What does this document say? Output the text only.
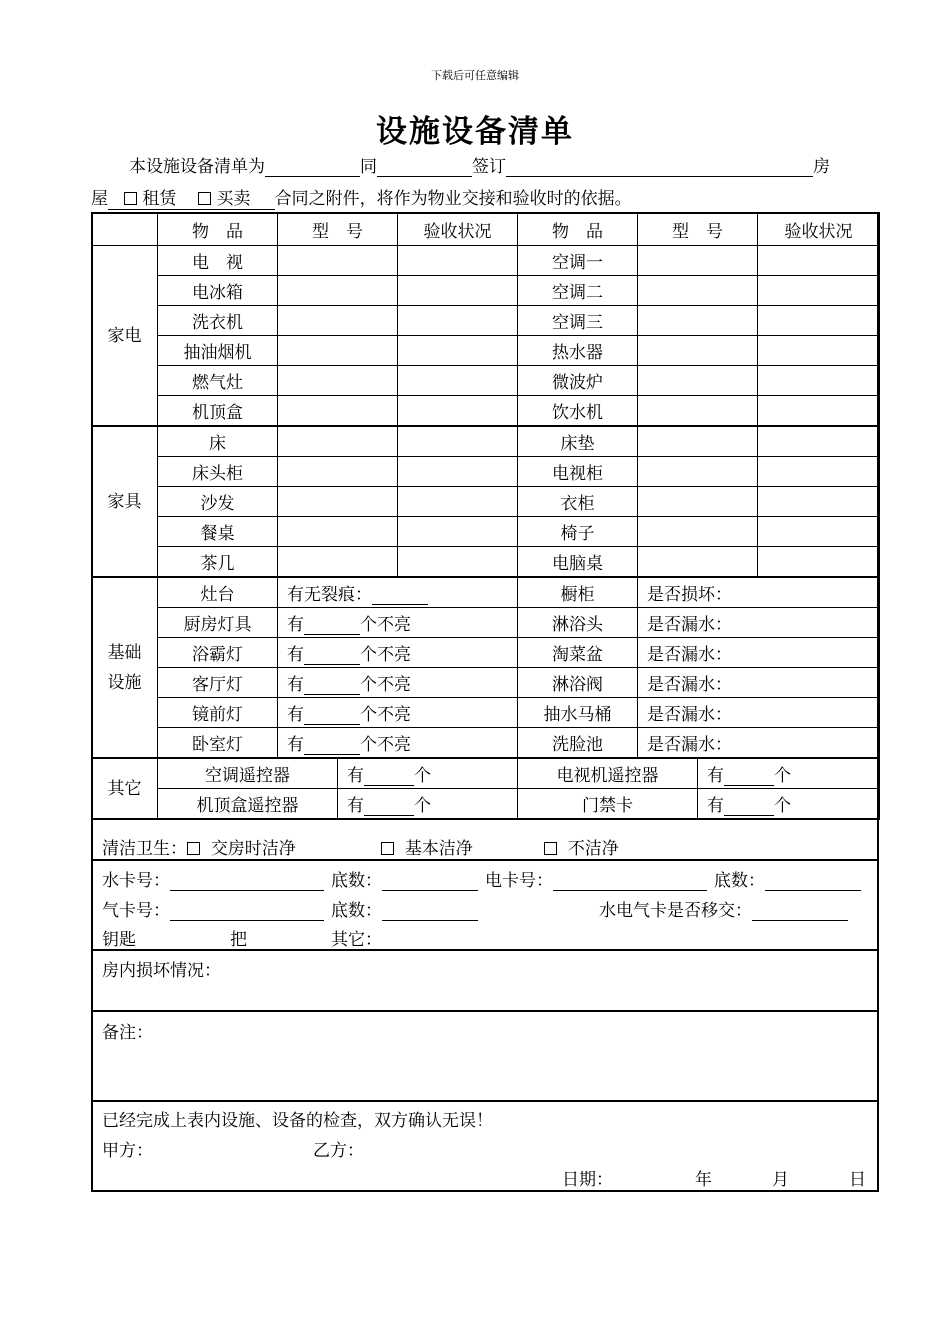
下载后可任意编辑
设施设备清单
本设施设备清单为	同	签订	房
屋 租赁 买卖 合同之附件，将作为物业交接和验收时的依据。
	物　品	型　号		验收状况	物　品	型　号		验收状况
家电	电　视				空调一			
	电冰箱				空调二			
	洗衣机				空调三			
	抽油烟机				热水器			
	燃气灶				微波炉			
	机顶盒				饮水机			
家具	床				床垫			
	床头柜				电视柜			
	沙发				衣柜			
	餐桌				椅子			
	茶几				电脑桌			
基础
设施	灶台	有无裂痕：			橱柜	是否损坏：		
	厨房灯具	有 个不亮			淋浴头	是否漏水：		
	浴霸灯	有 个不亮			淘菜盆	是否漏水：		
	客厅灯	有 个不亮			淋浴阀	是否漏水：		
	镜前灯	有 个不亮			抽水马桶	是否漏水：		
	卧室灯	有 个不亮			洗脸池	是否漏水：		
其它	空调遥控器		有 个		电视机遥控器		有 个	
	机顶盒遥控器		有 个		门禁卡		有 个	
清洁卫生： 交房时洁净	基本洁净	不洁净
水卡号：	底数：	电卡号：	底数：
气卡号：	底数：	水电气卡是否移交：
钥匙	把	其它：
房内损坏情况：
备注：
已经完成上表内设施、设备的检查，双方确认无误！
甲方：	乙方：
日期：	年	月	日
